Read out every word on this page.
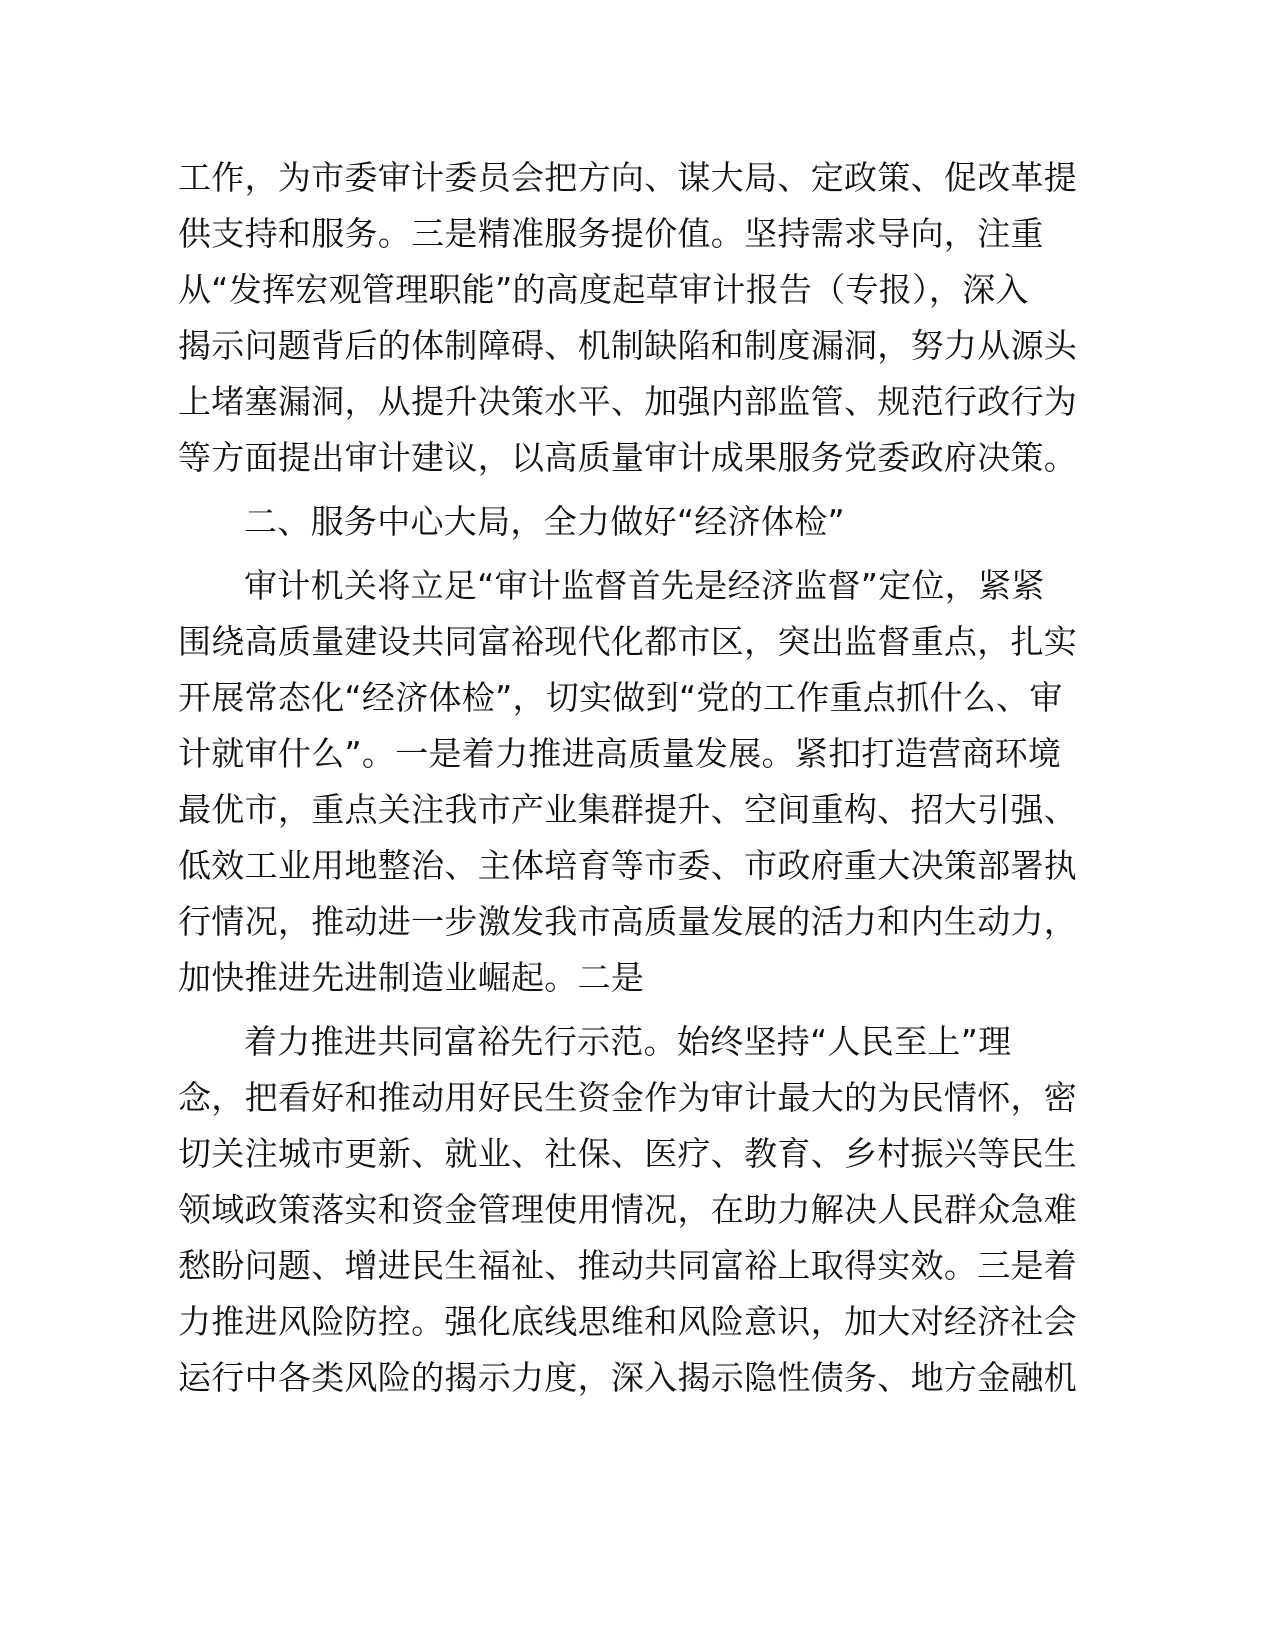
工作，为市委审计委员会把方向、谋大局、定政策、促改革提
供支持和服务。三是精准服务提价值。坚持需求导向，注重
从“发挥宏观管理职能”的高度起草审计报告（专报），深入
揭示问题背后的体制障碍、机制缺陷和制度漏洞，努力从源头
上堵塞漏洞，从提升决策水平、加强内部监管、规范行政行为
等方面提出审计建议，以高质量审计成果服务党委政府决策。
二、服务中心大局，全力做好“经济体检”
审计机关将立足“审计监督首先是经济监督”定位，紧紧
围绕高质量建设共同富裕现代化都市区，突出监督重点，扎实
开展常态化“经济体检”，切实做到“党的工作重点抓什么、审
计就审什么”。一是着力推进高质量发展。紧扣打造营商环境
最优市，重点关注我市产业集群提升、空间重构、招大引强、
低效工业用地整治、主体培育等市委、市政府重大决策部署执
行情况，推动进一步激发我市高质量发展的活力和内生动力，
加快推进先进制造业崛起。二是
着力推进共同富裕先行示范。始终坚持“人民至上”理
念，把看好和推动用好民生资金作为审计最大的为民情怀，密
切关注城市更新、就业、社保、医疗、教育、乡村振兴等民生
领域政策落实和资金管理使用情况，在助力解决人民群众急难
愁盼问题、增进民生福祉、推动共同富裕上取得实效。三是着
力推进风险防控。强化底线思维和风险意识，加大对经济社会
运行中各类风险的揭示力度，深入揭示隐性债务、地方金融机
